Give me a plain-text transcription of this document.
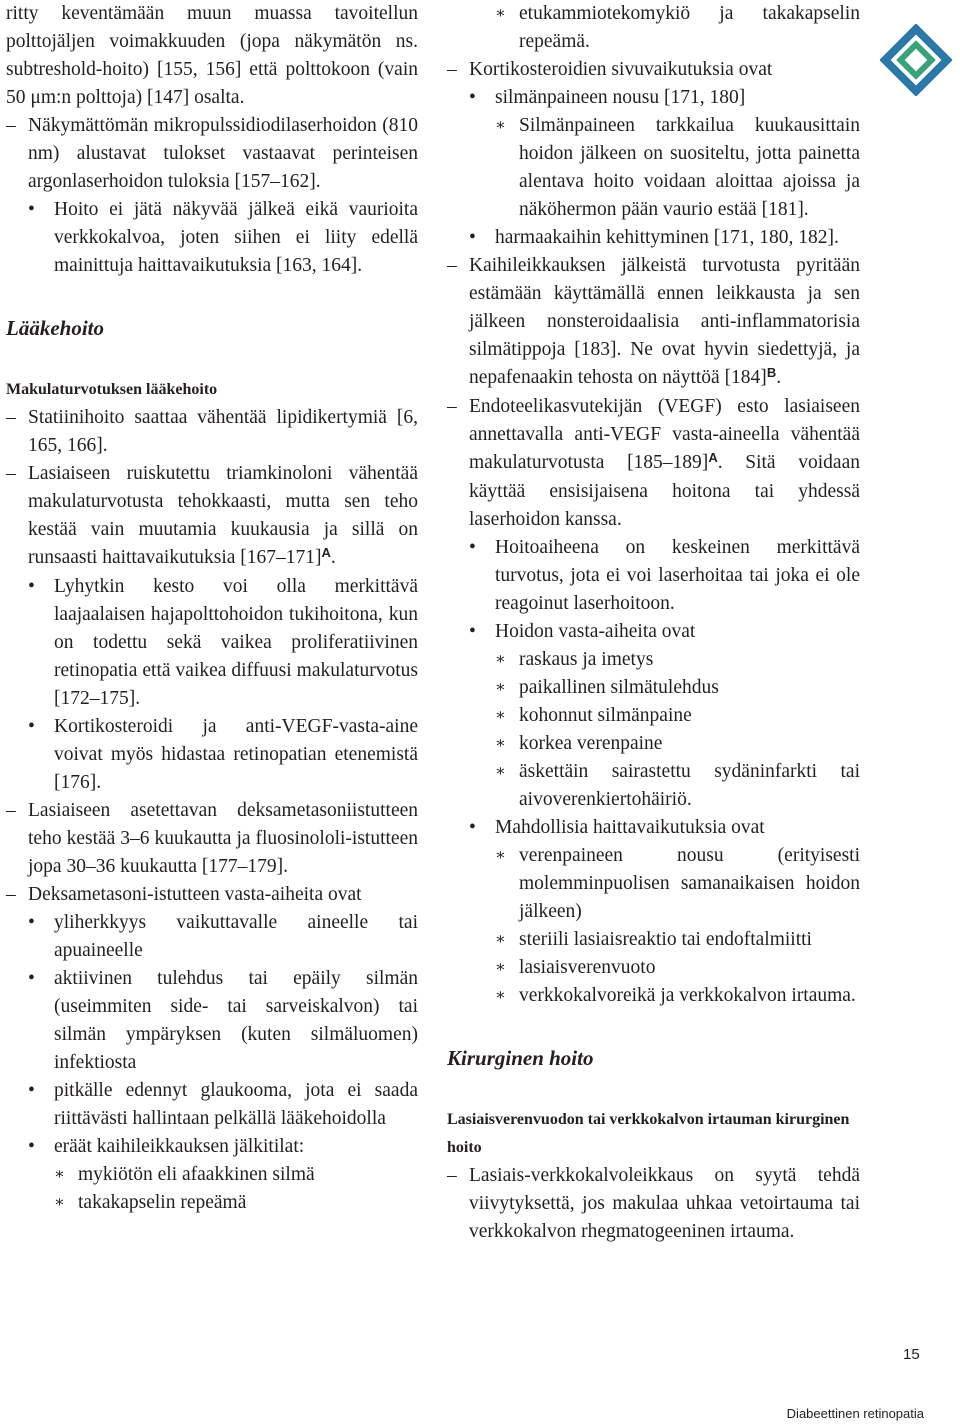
ritty keventämään muun muassa tavoitellun polttojäljen voimakkuuden (jopa näkymätön ns. subtreshold-hoito) [155, 156] että polttokoon (vain 50 μm:n polttoja) [147] osalta.

– Näkymättömän mikropulssidiodilaserhoidon (810 nm) alustavat tulokset vastaavat perinteisen argonlaserhoidon tuloksia [157–162].
• Hoito ei jätä näkyvää jälkeä eikä vaurioita verkkokalvoa, joten siihen ei liity edellä mainittuja haittavaikutuksia [163, 164].
Lääkehoito
Makulaturvotuksen lääkehoito
– Statiinihoito saattaa vähentää lipidikertymiä [6, 165, 166].
– Lasiaiseen ruiskutettu triamkinoloni vähentää makulaturvotusta tehokkaasti, mutta sen teho kestää vain muutamia kuukausia ja sillä on runsaasti haittavaikutuksia $[167-171]^A$.
• Lyhytkin kesto voi olla merkittävä laajaalaisen hajapolttohoidon tukihoitona, kun on todettu sekä vaikea proliferatiivinen retinopatia että vaikea diffuusi makulaturvotus [172–175].
• Kortikosteroidi ja anti-VEGF-vasta-aine voivat myös hidastaa retinopatian etenemistä [176].
– Lasiaiseen asetettavan deksametasoniistutteen teho kestää 3–6 kuukautta ja fluosinololi-istutteen jopa 30–36 kuukautta [177–179].
– Deksametasoni-istutteen vasta-aiheita ovat
• yliherkkyys vaikuttavalle aineelle tai apuaineelle
• aktiivinen tulehdus tai epäily silmän (useimmiten side- tai sarveiskalvon) tai silmän ympäryksen (kuten silmäluomen) infektiosta
• pitkälle edennyt glaukooma, jota ei saada riittävästi hallintaan pelkällä lääkehoidolla
• eräät kaihileikkauksen jälkitilat:
∗ mykiötön eli afaakkinen silmä
∗ takakapselin repeämä
∗ etukammiotekomykiö ja takakapselin repeämä.
– Kortikosteroidien sivuvaikutuksia ovat
• silmänpaineen nousu [171, 180]
∗ Silmänpaineen tarkkailua kuukausittain hoidon jälkeen on suositeltu, jotta painetta alentava hoito voidaan aloittaa ajoissa ja näköhermon pään vaurio estää [181].
• harmaakaihin kehittyminen [171, 180, 182].
– Kaihileikkauksen jälkeistä turvotusta pyritään estämään käyttämällä ennen leikkausta ja sen jälkeen nonsteroidaalisia anti-inflammatorisia silmätippoja [183]. Ne ovat hyvin siedettyjä, ja nepafenaakin tehosta on näyttöä $[184]^B$.
– Endoteelikasvutekijän (VEGF) esto lasiaiseen annettavalla anti-VEGF vasta-aineella vähentää makulaturvotusta $[185-189]^A$. Sitä voidaan käyttää ensisijaisena hoitona tai yhdessä laserhoidon kanssa.
• Hoitoaiheena on keskeinen merkittävä turvotus, jota ei voi laserhoitaa tai joka ei ole reagoinut laserhoitoon.
• Hoidon vasta-aiheita ovat
∗ raskaus ja imetys
∗ paikallinen silmätulehdus
∗ kohonnut silmänpaine
∗ korkea verenpaine
∗ äskettäin sairastettu sydäninfarkti tai aivoverenkiertohäiriö.
• Mahdollisia haittavaikutuksia ovat
∗ verenpaineen nousu (erityisesti molemminpuolisen samanaikaisen hoidon jälkeen)
∗ steriili lasiaisreaktio tai endoftalmiitti
∗ lasiaisverenvuoto
∗ verkkokalvoreikä ja verkkokalvon irtauma.
Kirurginen hoito
Lasiaisverenvuodon tai verkkokalvon irtauman kirurginen hoito
– Lasiais-verkkokalvoleikkaus on syytä tehdä viivytyksettä, jos makulaa uhkaa vetoirtauma tai verkkokalvon rhegmatogeeninen irtauma.
15
Diabeettinen retinopatia
